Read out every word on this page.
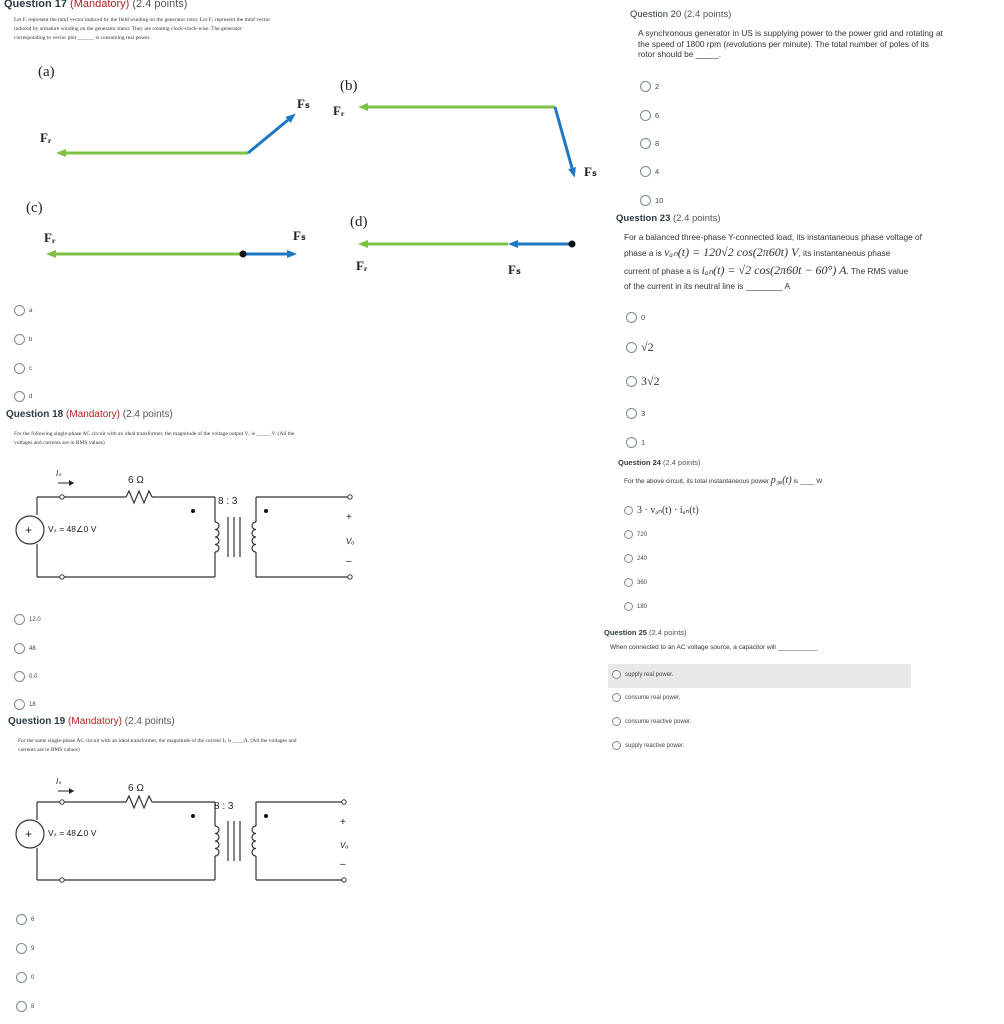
Question 17 (Mandatory) (2.4 points)
Let Fᵣ represent the mmf vector induced by the field winding on the generator rotor. Let Fₛ represent the mmf vector
induced by armature winding on the generator stator. They are rotating clock-clock-wise. The generator
corresponding to vector plot ______ is consuming real power.
(a)
Fᵣ
Fₛ
(b)
Fᵣ
Fₛ
(c)
Fᵣ	Fₛ
(d)
Fᵣ	Fₛ
a
b
c
d
Question 18 (Mandatory) (2.4 points)
For the following single-phase AC circuit with an ideal transformer, the magnitude of the voltage output Vₒ is _____ V. (All the
voltages and currents are in RMS values)
Iₛ
6 Ω
+ Vₛ = 48∠0 V
8 : 3
+
Vₒ
–
12.0
48
0.0
18
Question 19 (Mandatory) (2.4 points)
For the same single-phase AC circuit with an ideal transformer, the magnitude of the current Iₛ is ____A. (All the voltages and
currents are in RMS values)
Iₛ
6 Ω
+ Vₛ = 48∠0 V
8 : 3
+
Vₒ
–
6
9
0
8
Question 20 (2.4 points)
A synchronous generator in US is supplying power to the power grid and rotating at
the speed of 1800 rpm (revolutions per minute). The total number of poles of its
rotor should be _____.
2
6
8
4
10
Question 23 (2.4 points)
For a balanced three-phase Y-connected load, its instantaneous phase voltage of
phase a is vₐₙ(t) = 120√2 cos(2π60t) V, its instantaneous phase
current of phase a is iₐₙ(t) = √2 cos(2π60t − 60°) A. The RMS value
of the current in its neutral line is ________ A
0
√2
3√2
3
1
Question 24 (2.4 points)
For the above circuit, its total instantaneous power p₃ᵩ(t) is ____ W
3 · vₐₙ(t) · iₐₙ(t)
720
240
360
180
Question 25 (2.4 points)
When connected to an AC voltage source, a capacitor will ___________
supply real power.
consume real power.
consume reactive power.
supply reactive power.
